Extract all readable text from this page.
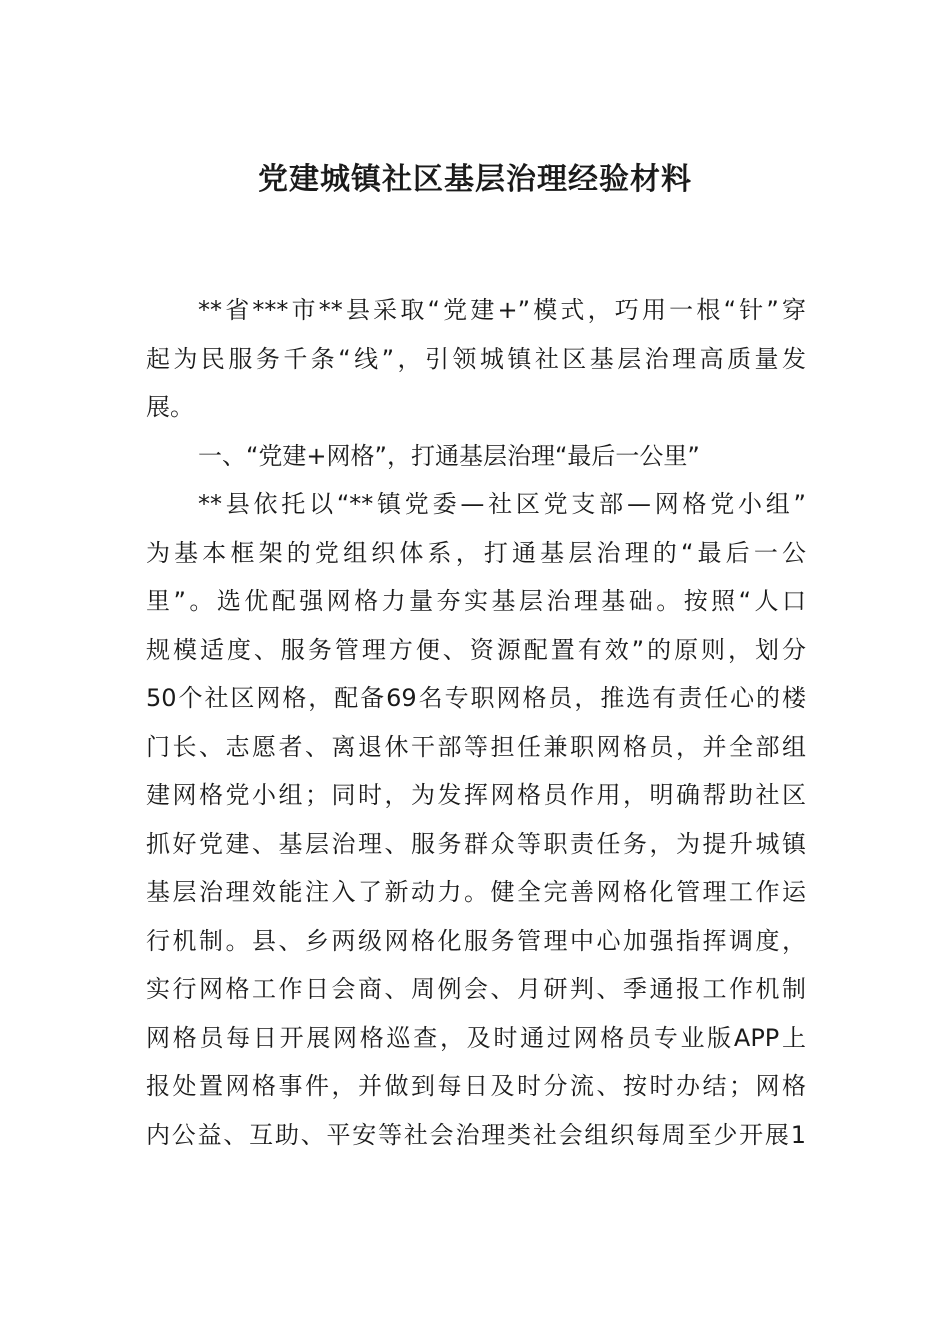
党建城镇社区基层治理经验材料
**省***市**县采取“党建+”模式，巧用一根“针”穿
起为民服务千条“线”，引领城镇社区基层治理高质量发
展。
一、“党建+网格”，打通基层治理“最后一公里”
**县依托以“**镇党委—社区党支部—网格党小组”
为基本框架的党组织体系，打通基层治理的“最后一公
里”。选优配强网格力量夯实基层治理基础。按照“人口
规模适度、服务管理方便、资源配置有效”的原则，划分
50个社区网格，配备69名专职网格员，推选有责任心的楼
门长、志愿者、离退休干部等担任兼职网格员，并全部组
建网格党小组；同时，为发挥网格员作用，明确帮助社区
抓好党建、基层治理、服务群众等职责任务，为提升城镇
基层治理效能注入了新动力。健全完善网格化管理工作运
行机制。县、乡两级网格化服务管理中心加强指挥调度，
实行网格工作日会商、周例会、月研判、季通报工作机制
网格员每日开展网格巡查，及时通过网格员专业版APP上
报处置网格事件，并做到每日及时分流、按时办结；网格
内公益、互助、平安等社会治理类社会组织每周至少开展1
